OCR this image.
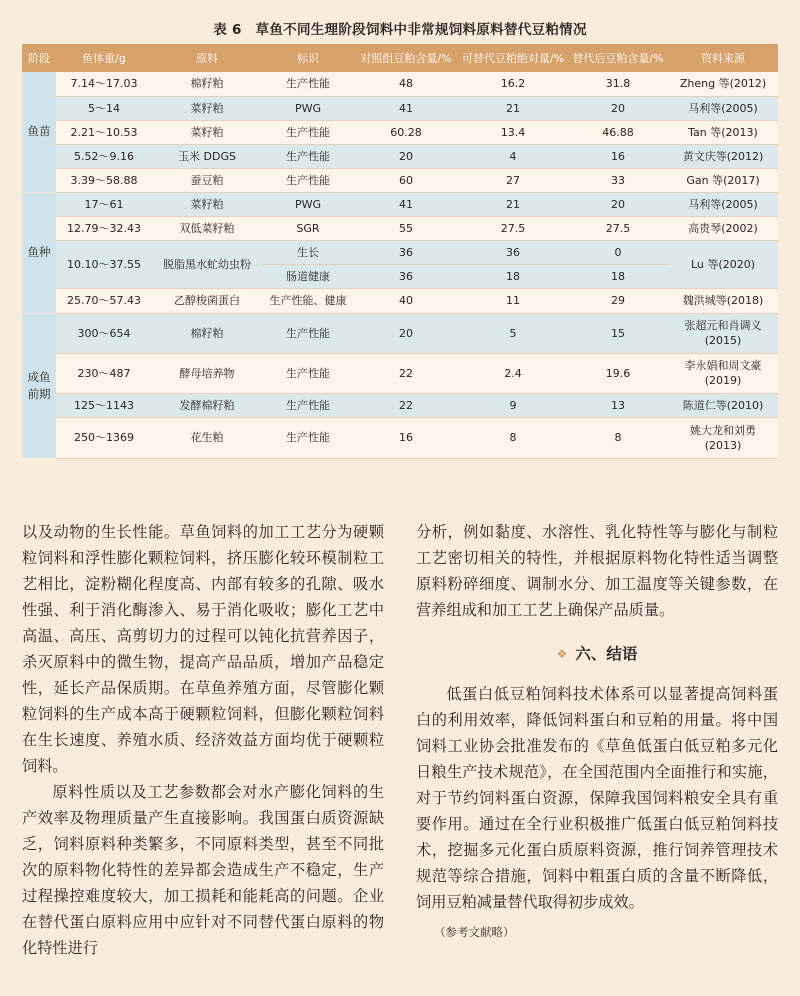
表 6　草鱼不同生理阶段饲料中非常规饲料原料替代豆粕情况
阶段	鱼体重/g	原料	标识	对照组豆粕含量/%	可替代豆粕绝对量/%	替代后豆粕含量/%	资料来源
鱼苗	7.14～17.03	棉籽粕	生产性能	48	16.2	31.8	Zheng 等(2012)
	5～14	菜籽粕	PWG	41	21	20	马利等(2005)
	2.21～10.53	菜籽粕	生产性能	60.28	13.4	46.88	Tan 等(2013)
	5.52～9.16	玉米 DDGS	生产性能	20	4	16	黄文庆等(2012)
	3.39～58.88	蚕豆粕	生产性能	60	27	33	Gan 等(2017)
鱼种	17～61	菜籽粕	PWG	41	21	20	马利等(2005)
	12.79～32.43	双低菜籽粕	SGR	55	27.5	27.5	高贵琴(2002)
	10.10～37.55	脱脂黑水虻幼虫粉	生长	36	36	0	Lu 等(2020)
			肠道健康	36	18	18	
	25.70～57.43	乙醇梭菌蛋白	生产性能、健康	40	11	29	魏洪城等(2018)
成鱼
前期	300～654	棉籽粕	生产性能	20	5	15	张超元和肖调义
(2015)
	230～487	酵母培养物	生产性能	22	2.4	19.6	李永娟和周文豪
(2019)
	125～1143	发酵棉籽粕	生产性能	22	9	13	陈道仁等(2010)
	250～1369	花生粕	生产性能	16	8	8	姚大龙和刘勇
(2013)

以及动物的生长性能。草鱼饲料的加工工艺分为硬颗粒饲料和浮性膨化颗粒饲料，挤压膨化较环模制粒工艺相比，淀粉糊化程度高、内部有较多的孔隙、吸水性强、利于消化酶渗入、易于消化吸收；膨化工艺中高温、高压、高剪切力的过程可以钝化抗营养因子，杀灭原料中的微生物，提高产品品质，增加产品稳定性，延长产品保质期。在草鱼养殖方面，尽管膨化颗粒饲料的生产成本高于硬颗粒饲料，但膨化颗粒饲料在生长速度、养殖水质、经济效益方面均优于硬颗粒饲料。

原料性质以及工艺参数都会对水产膨化饲料的生产效率及物理质量产生直接影响。我国蛋白质资源缺乏，饲料原料种类繁多，不同原料类型，甚至不同批次的原料物化特性的差异都会造成生产不稳定，生产过程操控难度较大，加工损耗和能耗高的问题。企业在替代蛋白原料应用中应针对不同替代蛋白原料的物化特性进行

分析，例如黏度、水溶性、乳化特性等与膨化与制粒工艺密切相关的特性，并根据原料物化特性适当调整原料粉碎细度、调制水分、加工温度等关键参数，在营养组成和加工工艺上确保产品质量。

❖ 六、结语

低蛋白低豆粕饲料技术体系可以显著提高饲料蛋白的利用效率，降低饲料蛋白和豆粕的用量。将中国饲料工业协会批准发布的《草鱼低蛋白低豆粕多元化日粮生产技术规范》，在全国范围内全面推行和实施，对于节约饲料蛋白资源，保障我国饲料粮安全具有重要作用。通过在全行业积极推广低蛋白低豆粕饲料技术，挖掘多元化蛋白质原料资源，推行饲养管理技术规范等综合措施，饲料中粗蛋白质的含量不断降低，饲用豆粕减量替代取得初步成效。

（参考文献略）
